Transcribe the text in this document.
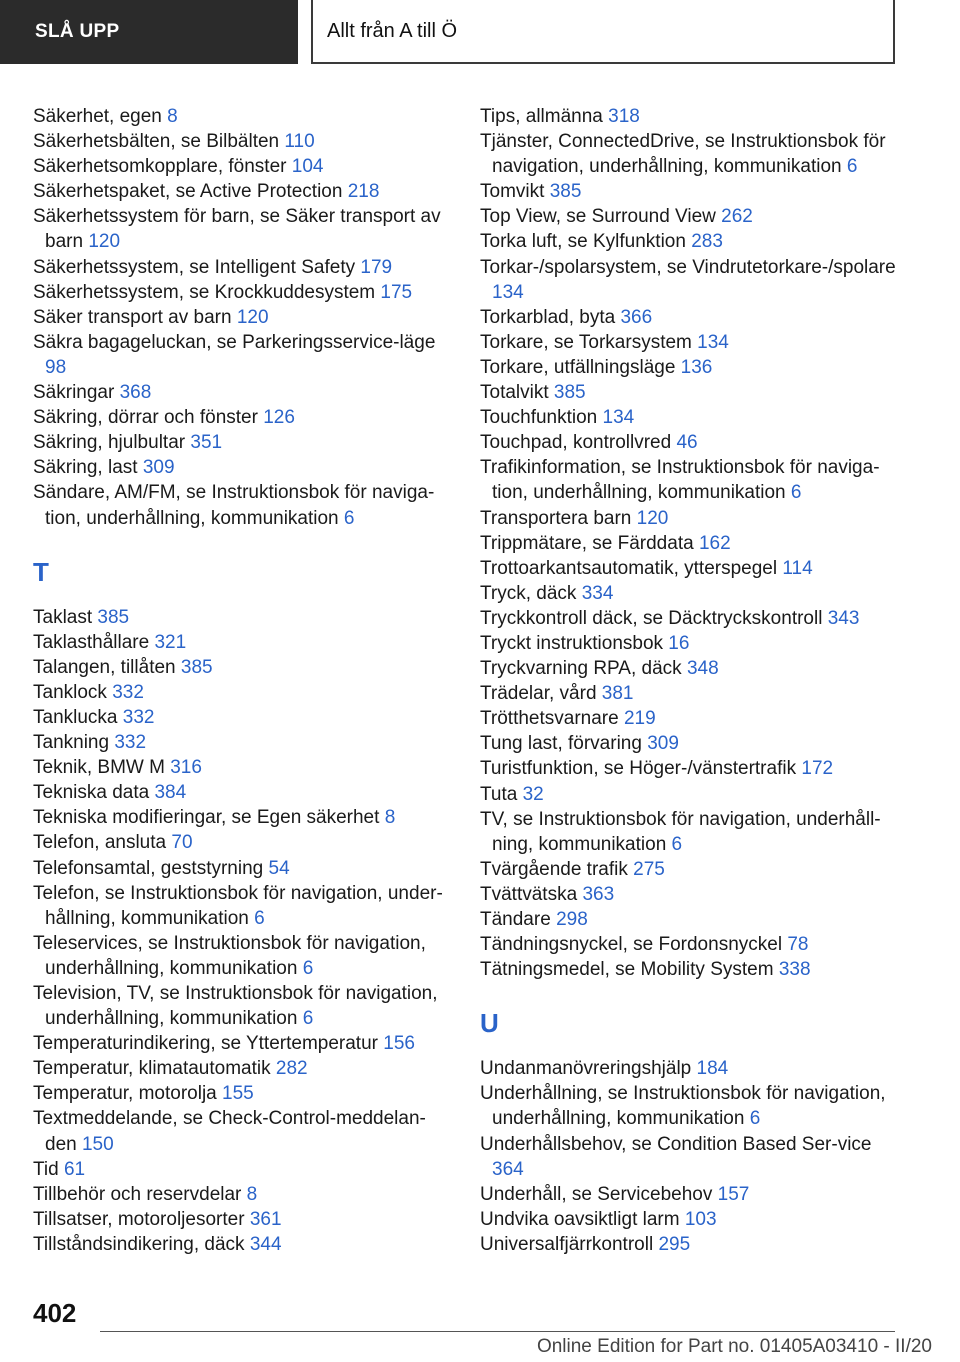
SLÅ UPP	Allt från A till Ö
Säkerhet, egen 8
Säkerhetsbälten, se Bilbälten 110
Säkerhetsomkopplare, fönster 104
Säkerhetspaket, se Active Protection 218
Säkerhetssystem för barn, se Säker transport av barn 120
Säkerhetssystem, se Intelligent Safety 179
Säkerhetssystem, se Krockkuddesystem 175
Säker transport av barn 120
Säkra bagageluckan, se Parkeringsservice-läge 98
Säkringar 368
Säkring, dörrar och fönster 126
Säkring, hjulbultar 351
Säkring, last 309
Sändare, AM/FM, se Instruktionsbok för naviga-tion, underhållning, kommunikation 6
T
Taklast 385
Taklasthållare 321
Talangen, tillåten 385
Tanklock 332
Tanklucka 332
Tankning 332
Teknik, BMW M 316
Tekniska data 384
Tekniska modifieringar, se Egen säkerhet 8
Telefon, ansluta 70
Telefonsamtal, geststyrning 54
Telefon, se Instruktionsbok för navigation, under-hållning, kommunikation 6
Teleservices, se Instruktionsbok för navigation, underhållning, kommunikation 6
Television, TV, se Instruktionsbok för navigation, underhållning, kommunikation 6
Temperaturindikering, se Yttertemperatur 156
Temperatur, klimatautomatik 282
Temperatur, motorolja 155
Textmeddelande, se Check-Control-meddelan-den 150
Tid 61
Tillbehör och reservdelar 8
Tillsatser, motoroljesorter 361
Tillståndsindikering, däck 344
Tips, allmänna 318
Tjänster, ConnectedDrive, se Instruktionsbok för navigation, underhållning, kommunikation 6
Tomvikt 385
Top View, se Surround View 262
Torka luft, se Kylfunktion 283
Torkar-/spolarsystem, se Vindrutetorkare-/spolare 134
Torkarblad, byta 366
Torkare, se Torkarsystem 134
Torkare, utfällningsläge 136
Totalvikt 385
Touchfunktion 134
Touchpad, kontrollvred 46
Trafikinformation, se Instruktionsbok för naviga-tion, underhållning, kommunikation 6
Transportera barn 120
Trippmätare, se Färddata 162
Trottoarkantsautomatik, ytterspegel 114
Tryck, däck 334
Tryckkontroll däck, se Däcktryckskontroll 343
Tryckt instruktionsbok 16
Tryckvarning RPA, däck 348
Trädelar, vård 381
Trötthetsvarnare 219
Tung last, förvaring 309
Turistfunktion, se Höger-/vänstertrafik 172
Tuta 32
TV, se Instruktionsbok för navigation, underhåll-ning, kommunikation 6
Tvärgående trafik 275
Tvättvätska 363
Tändare 298
Tändningsnyckel, se Fordonsnyckel 78
Tätningsmedel, se Mobility System 338
U
Undanmanövreringshjälp 184
Underhållning, se Instruktionsbok för navigation, underhållning, kommunikation 6
Underhållsbehov, se Condition Based Ser-vice 364
Underhåll, se Servicebehov 157
Undvika oavsiktligt larm 103
Universalfjärrkontroll 295
402
Online Edition for Part no. 01405A03410 - II/20
